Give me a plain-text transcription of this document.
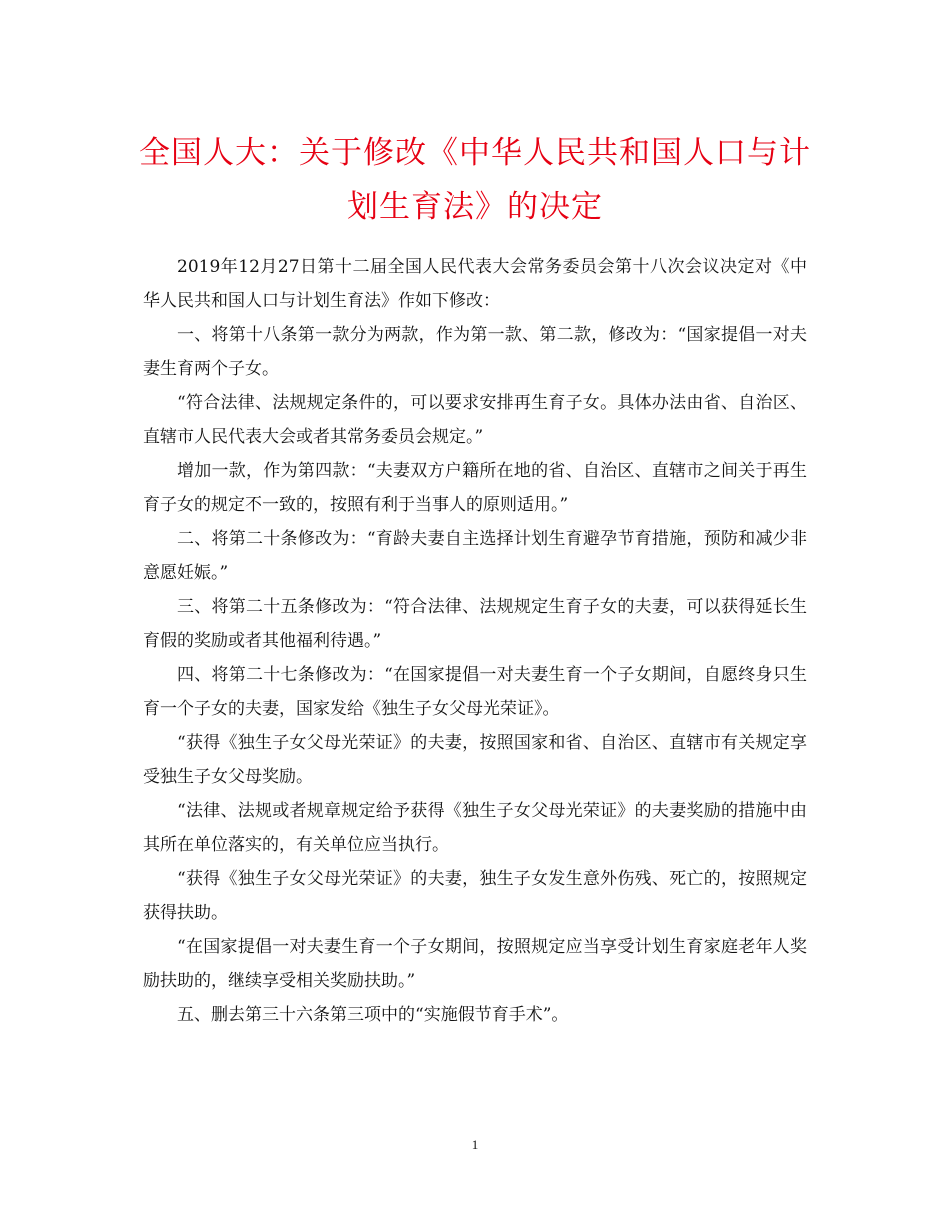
全国人大：关于修改《中华人民共和国人口与计划生育法》的决定

2019年12月27日第十二届全国人民代表大会常务委员会第十八次会议决定对《中华人民共和国人口与计划生育法》作如下修改：

一、将第十八条第一款分为两款，作为第一款、第二款，修改为：“国家提倡一对夫妻生育两个子女。

“符合法律、法规规定条件的，可以要求安排再生育子女。具体办法由省、自治区、直辖市人民代表大会或者其常务委员会规定。”

增加一款，作为第四款：“夫妻双方户籍所在地的省、自治区、直辖市之间关于再生育子女的规定不一致的，按照有利于当事人的原则适用。”

二、将第二十条修改为：“育龄夫妻自主选择计划生育避孕节育措施，预防和减少非意愿妊娠。”

三、将第二十五条修改为：“符合法律、法规规定生育子女的夫妻，可以获得延长生育假的奖励或者其他福利待遇。”

四、将第二十七条修改为：“在国家提倡一对夫妻生育一个子女期间，自愿终身只生育一个子女的夫妻，国家发给《独生子女父母光荣证》。

“获得《独生子女父母光荣证》的夫妻，按照国家和省、自治区、直辖市有关规定享受独生子女父母奖励。

“法律、法规或者规章规定给予获得《独生子女父母光荣证》的夫妻奖励的措施中由其所在单位落实的，有关单位应当执行。

“获得《独生子女父母光荣证》的夫妻，独生子女发生意外伤残、死亡的，按照规定获得扶助。

“在国家提倡一对夫妻生育一个子女期间，按照规定应当享受计划生育家庭老年人奖励扶助的，继续享受相关奖励扶助。”

五、删去第三十六条第三项中的“实施假节育手术”。

1
